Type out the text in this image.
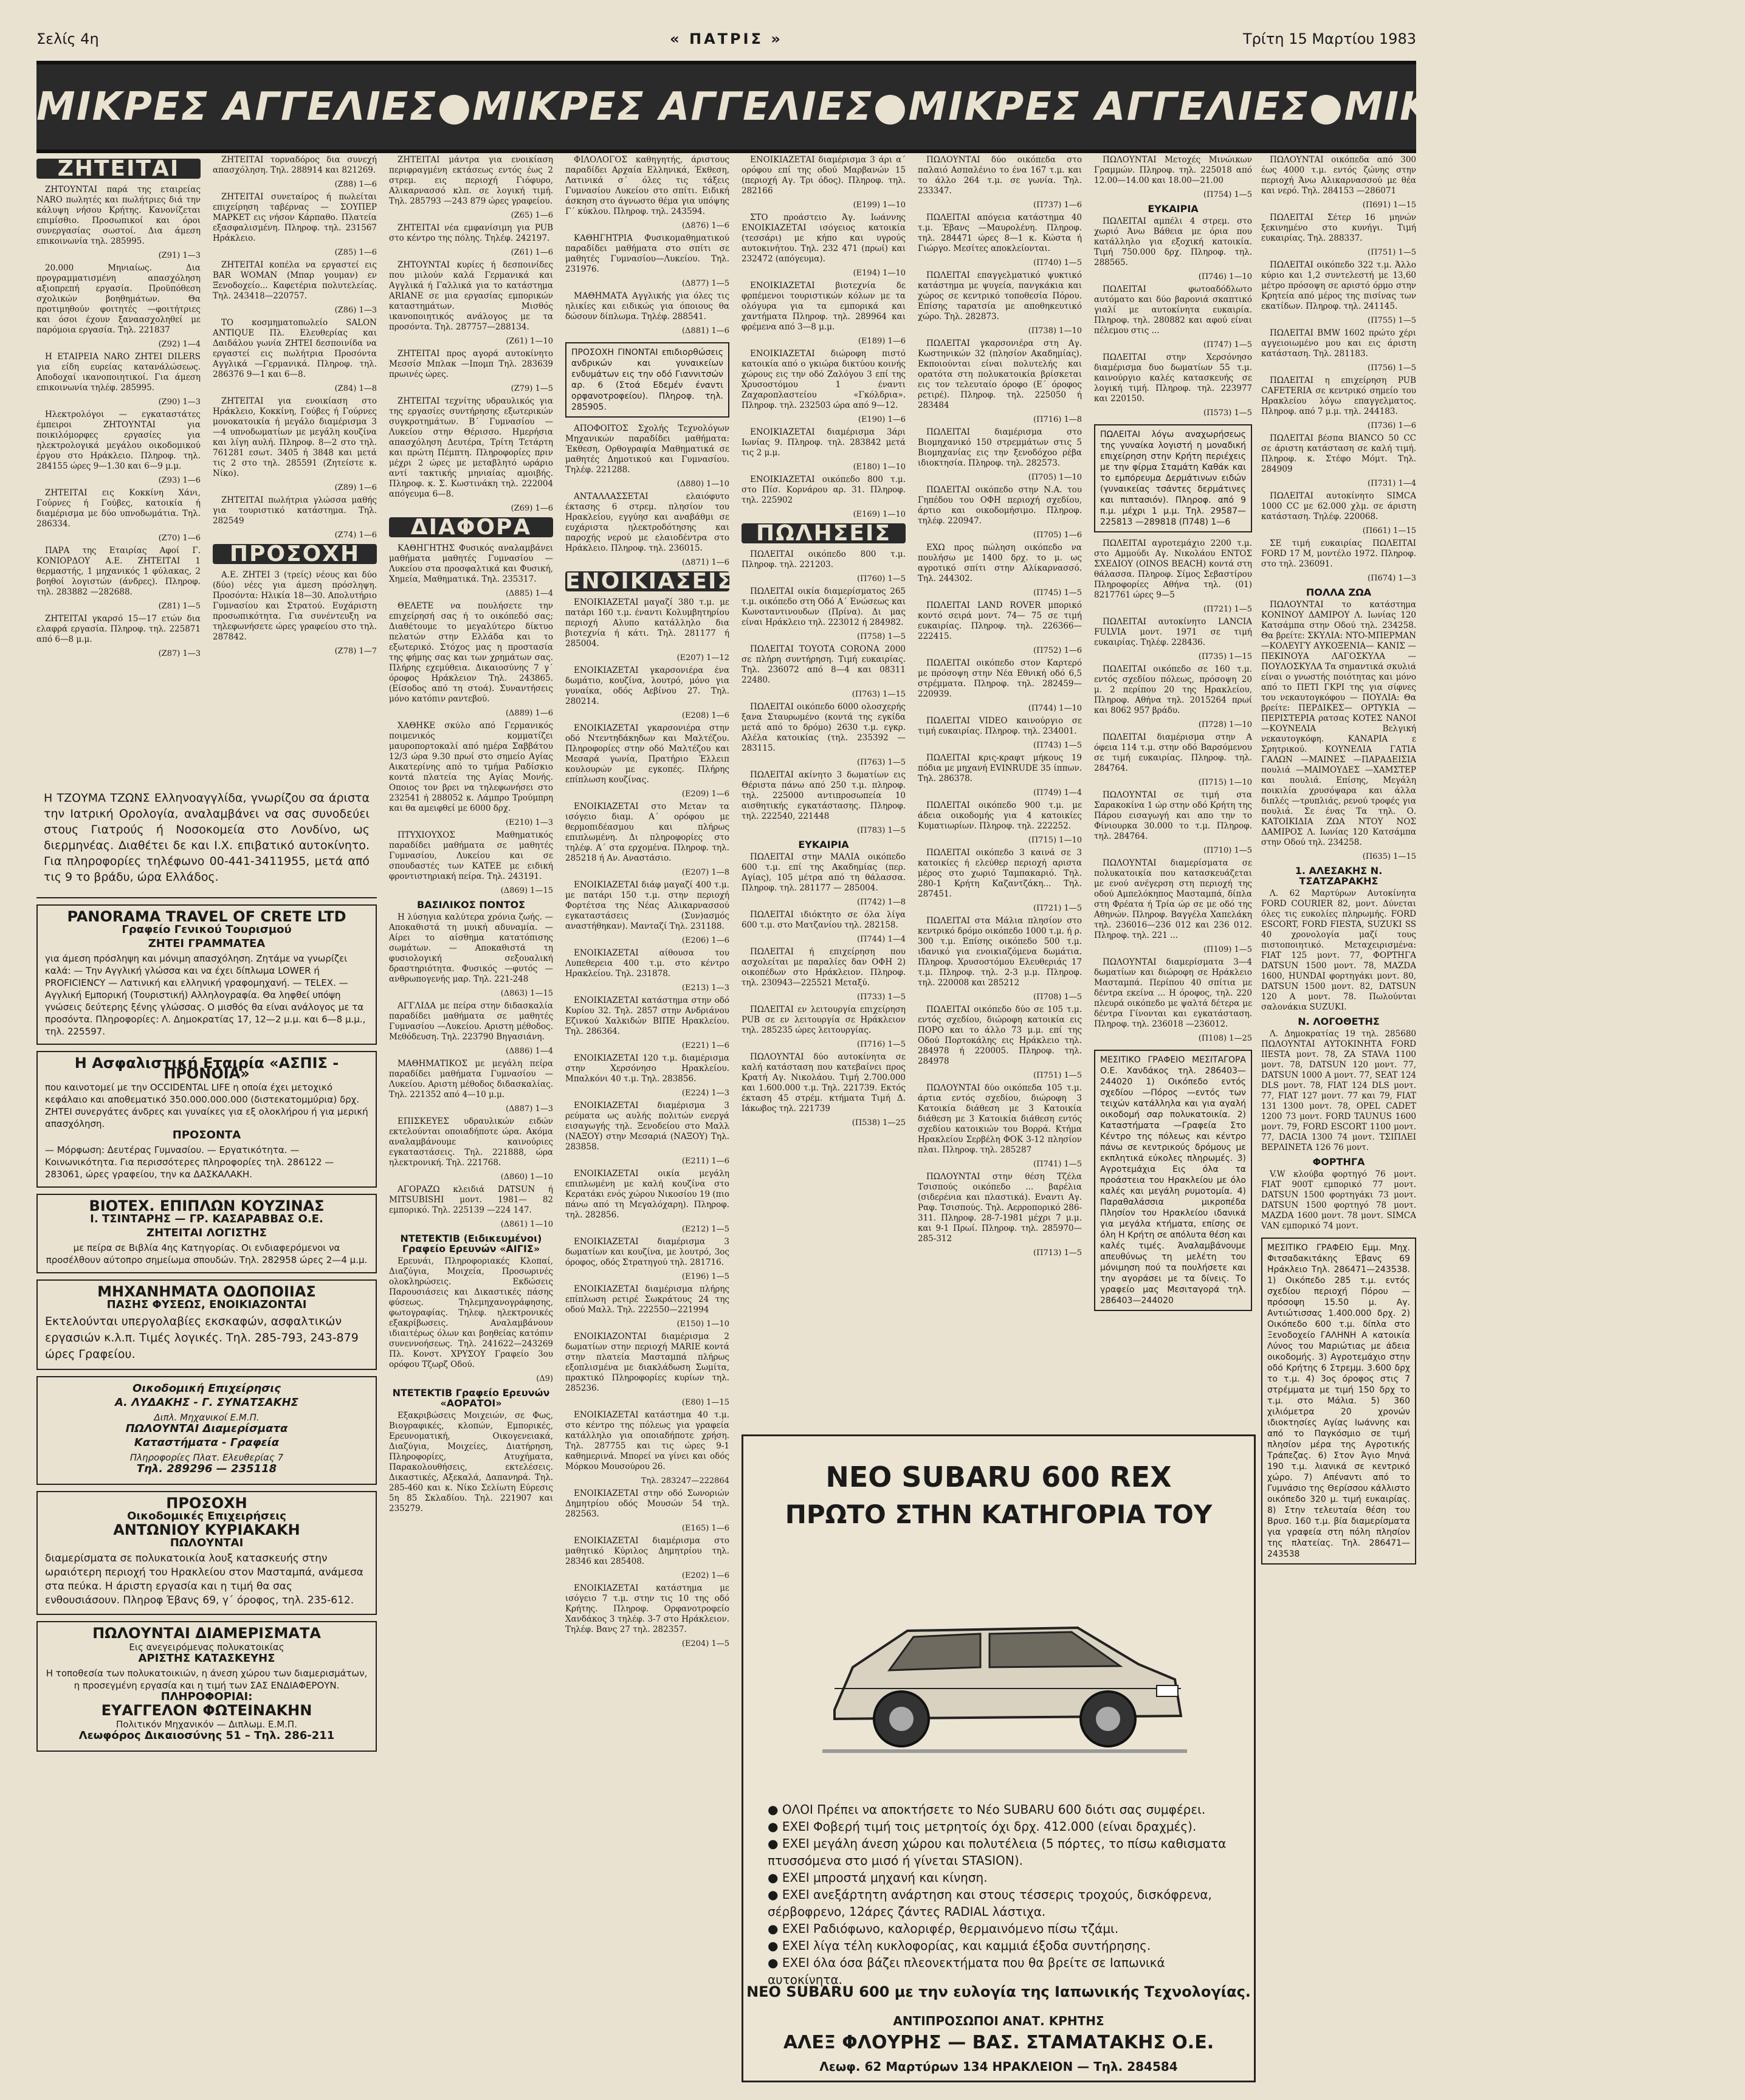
Σελίς 4η	« ΠΑΤΡΙΣ »	Τρίτη 15 Μαρτίου 1983
ΜΙΚΡΕΣ ΑΓΓΕΛΙΕΣ ● ΜΙΚΡΕΣ ΑΓΓΕΛΙΕΣ ● ΜΙΚΡΕΣ ΑΓΓΕΛΙΕΣ ● ΜΙΚΡΕΣ ΑΓΓΕΛΙΕΣ
ΖΗΤΕΙΤΑΙ

ΖΗΤΟΥΝΤΑΙ παρά της εταιρείας NARO πωλητές και πωλήτριες διά την κάλυψη νήσου Κρήτης. Κανονίζεται επιμίσθιο. Προσωπικοί και όροι συνεργασίας σωστοί. Δια άμεση επικοινωνία τηλ. 285995.

(Ζ91) 1—3

20.000 Μηνιαίως. Δια προγραμματισμένη απασχόληση αξιοπρεπή εργασία. Προϋπόθεση σχολικών βοηθημάτων. Θα προτιμηθούν φοιτητές —φοιτήτριες και όσοι έχουν ξαναασχοληθεί με παρόμοια εργασία. Τηλ. 221837

(Ζ92) 1—4

Η ΕΤΑΙΡΕΙΑ NARO ΖΗΤΕΙ DILERS για είδη ευρείας κατανάλώσεως. Αποδοχαί ικανοποιητικοί. Για άμεση επικοινωνία τηλέφ. 285995.

(Ζ90) 1—3

Ηλεκτρολόγοι — εγκαταστάτες έμπειροι ΖΗΤΟΥΝΤΑΙ για ποικιλόμορφες εργασίες για ηλεκτρολογικά μεγάλου οικοδομικού έργου στο Ηράκλειο. Πληροφ. τηλ. 284155 ώρες 9—1.30 και 6—9 μ.μ.

(Ζ93) 1—6

ΖΗΤΕΙΤΑΙ εις Κοκκίνη Χάνι, Γούρνες ή Γούβες, κατοικία ή διαμέρισμα με δύο υπνοδωμάτια. Τηλ. 286334.

(Ζ70) 1—6

ΠΑΡΑ της Εταιρίας Αφοί Γ. ΚΟΝΙΟΡΔΟΥ Α.Ε. ΖΗΤΕΙΤΑΙ 1 θερμαστής, 1 μηχανικός 1 φύλακας, 2 βοηθοί λογιστών (άνδρες). Πληροφ. τηλ. 283882 —282688.

(Ζ81) 1—5

ΖΗΤΕΙΤΑΙ γκαρσό 15—17 ετών δια ελαφρά εργασία. Πληροφ. τηλ. 225871 από 6—8 μ.μ.

(Ζ87) 1—3

ΖΗΤΕΙΤΑΙ τορναδόρος δια συνεχή απασχόληση. Τηλ. 288914 και 821269.

(Ζ88) 1—6

ΖΗΤΕΙΤΑΙ συνεταίρος ή πωλείται επιχείρηση ταβέρνας — ΣΟΥΠΕΡ ΜΑΡΚΕΤ εις νήσον Κάρπαθο. Πλατεία εξασφαλισμένη. Πληροφ. τηλ. 231567 Ηράκλειο.

(Ζ85) 1—6

ΖΗΤΕΙΤΑΙ κοπέλα να εργαστεί εις BAR WOMAN (Μπαρ γουμαν) εν Ξενοδοχείο... Καφετέρια πολυτελείας. Τηλ. 243418—220757.

(Ζ86) 1—3

ΤΟ κοσμηματοπωλείο SALON ANTIQUE Πλ. Ελευθερίας και Δαιδάλου γωνία ΖΗΤΕΙ δεσποινίδα να εργαστεί εις πωλήτρια Προσόντα Αγγλικά —Γερμανικά. Πληροφ. τηλ. 286376 9—1 και 6—8.

(Ζ84) 1—8

ΖΗΤΕΙΤΑΙ για ενοικίαση στο Ηράκλειο, Κοκκίνη, Γούβες ή Γούρνες μονοκατοικία ή μεγάλο διαμέρισμα 3—4 υπνοδωματίων με μεγάλη κουζίνα και λίγη αυλή. Πληροφ. 8—2 στο τηλ. 761281 εσωτ. 3405 ή 3848 και μετά τις 2 στο τηλ. 285591 (Ζητείστε κ. Νίκο).

(Ζ89) 1—6

ΖΗΤΕΙΤΑΙ πωλήτρια γλώσσα μαθής για τουριστικό κατάστημα. Τηλ. 282549

(Ζ74) 1—6

ΠΡΟΣΟΧΗ

Α.Ε. ΖΗΤΕΙ 3 (τρείς) νέους και δύο (δύο) νέες για άμεση πρόσληψη. Προσόντα: Ηλικία 18—30. Απολυτήριο Γυμνασίου και Στρατού. Ευχάριστη προσωπικότητα. Για συνέντευξη να τηλεφωνήσετε ώρες γραφείου στο τηλ. 287842.

(Ζ78) 1—7

Η ΤΖΟΥΜΑ ΤΖΩΝΣ Ελληνοαγγλίδα, γνωρίζου σα άριστα την Ιατρική Ορολογία, αναλαμβάνει να σας συνοδεύει στους Γιατρούς ή Νοσοκομεία στο Λονδίνο, ως διερμηνέας. Διαθέτει δε και Ι.Χ. επιβατικό αυτοκίνητο. Για πληροφορίες τηλέφωνο 00-441-3411955, μετά από τις 9 το βράδυ, ώρα Ελλάδος.
PANORAMA TRAVEL OF CRETE LTD
Γραφείο Γενικού Τουρισμού
ΖΗΤΕΙ ΓΡΑΜΜΑΤΕΑ
για άμεση πρόσληψη και μόνιμη απασχόληση. Ζητάμε να γνωρίζει καλά: — Την Αγγλική γλώσσα και να έχει δίπλωμα LOWER ή PROFICIENCY — Λατινική και ελληνική γραφομηχανή. — TELEX. — Αγγλική Εμπορική (Τουριστική) Αλληλογραφία. Θα ληφθεί υπόψη γνώσεις δεύτερης ξένης γλώσσας. Ο μισθός θα είναι ανάλογος με τα προσόντα. Πληροφορίες: Λ. Δημοκρατίας 17, 12—2 μ.μ. και 6—8 μ.μ., τηλ. 225597.
Η Ασφαλιστική Εταιρία «ΑΣΠΙΣ - ΠΡΟΝΟΙΑ»
που καινοτομεί με την OCCIDENTAL LIFE η οποία έχει μετοχικό κεφάλαιο και αποθεματικό 350.000.000.000 (διστεκατομμύρια) δρχ. ΖΗΤΕΙ συνεργάτες άνδρες και γυναίκες για εξ ολοκλήρου ή για μερική απασχόληση.
ΠΡΟΣΟΝΤΑ
— Μόρφωση: Δευτέρας Γυμνασίου. — Εργατικότητα. — Κοινωνικότητα. Για περισσότερες πληροφορίες τηλ. 286122 — 283061, ώρες γραφείου, την κα ΔΑΣΚΑΛΑΚΗ.
ΒΙΟΤΕΧ. ΕΠΙΠΛΩΝ ΚΟΥΖΙΝΑΣ
Ι. ΤΣΙΝΤΑΡΗΣ — ΓΡ. ΚΑΣΑΡΑΒΒΑΣ Ο.Ε.
ΖΗΤΕΙΤΑΙ ΛΟΓΙΣΤΗΣ
με πείρα σε Βιβλία 4ης Κατηγορίας. Οι ενδιαφερόμενοι να προσέλθουν αύτοπρο σημείωμα σπουδών. Τηλ. 282958 ώρες 2—4 μ.μ.
ΜΗΧΑΝΗΜΑΤΑ ΟΔΟΠΟΙΙΑΣ
ΠΑΣΗΣ ΦΥΣΕΩΣ, ΕΝΟΙΚΙΑΖΟΝΤΑΙ
Εκτελούνται υπεργολαβίες εκσκαφών, ασφαλτικών εργασιών κ.λ.π. Τιμές λογικές. Τηλ. 285-793, 243-879 ώρες Γραφείου.
Οικοδομική Επιχείρησις
Α. ΛΥΔΑΚΗΣ - Γ. ΣΥΝΑΤΣΑΚΗΣ
Διπλ. Μηχανικοί Ε.Μ.Π.
ΠΩΛΟΥΝΤΑΙ Διαμερίσματα
Καταστήματα - Γραφεία
Πληροφορίες Πλατ. Ελευθερίας 7
Τηλ. 289296 — 235118
ΠΡΟΣΟΧΗ
Οικοδομικές Επιχειρήσεις
ΑΝΤΩΝΙΟΥ ΚΥΡΙΑΚΑΚΗ
ΠΩΛΟΥΝΤΑΙ
διαμερίσματα σε πολυκατοικία λουξ κατασκευής στην ωραιότερη περιοχή του Ηρακλείου στον Μασταμπά, ανάμεσα στα πεύκα. Η άριστη εργασία και η τιμή θα σας ενθουσιάσουν. Πληροφ Έβανς 69, γ΄ όροφος, τηλ. 235-612.
ΠΩΛΟΥΝΤΑΙ ΔΙΑΜΕΡΙΣΜΑΤΑ
Εις ανεγειρόμενας πολυκατοικίας
ΑΡΙΣΤΗΣ ΚΑΤΑΣΚΕΥΗΣ
Η τοποθεσία των πολυκατοικιών, η άνεση χώρου των διαμερισμάτων, η προσεγμένη εργασία και η τιμή των ΣΑΣ ΕΝΔΙΑΦΕΡΟΥΝ.
ΠΛΗΡΟΦΟΡΙΑΙ:
ΕΥΑΓΓΕΛΟΝ ΦΩΤΕΙΝΑΚΗΝ
Πολιτικόν Μηχανικόν — Διπλωμ. Ε.Μ.Π.
Λεωφόρος Δικαιοσύνης 51 – Τηλ. 286-211

ΖΗΤΕΙΤΑΙ μάντρα για ενοικίαση περιφραγμένη εκτάσεως εντός έως 2 στρεμ. εις περιοχή Γιόφυρο, Αλικαρνασσό κλπ. σε λογική τιμή. Τηλ. 285793 —243 879 ώρες γραφείου.

(Ζ65) 1—6

ΖΗΤΕΙΤΑΙ νέα εμφανίσιμη για PUB στο κέντρο της πόλης. Τηλέφ. 242197.

(Ζ61) 1—6

ΖΗΤΟΥΝΤΑΙ κυρίες ή δεσποινίδες που μιλούν καλά Γερμανικά και Αγγλικά ή Γαλλικά για το κατάστημα ARIANE σε μια εργασίας εμπορικών καταστημάτων. Μισθός ικανοποιητικός ανάλογος με τα προσόντα. Τηλ. 287757—288134.

(Ζ61) 1—10

ΖΗΤΕΙΤΑΙ προς αγορά αυτοκίνητο Μεσσίσ Μπλακ —Ιπομπ Τηλ. 283639 πρωινές ώρες.

(Ζ79) 1—5

ΖΗΤΕΙΤΑΙ τεχνίτης υδραυλικός για της εργασίες συντήρησης εξωτερικών συγκροτημάτων. Β΄ Γυμνασίου —Λυκείου στην Θέρισσο. Ημερήσια απασχόληση Δευτέρα, Τρίτη Τετάρτη και πρώτη Πέμπτη. Πληροφορίες πριν μέχρι 2 ώρες με μεταβλητό ωράριο αντί τακτικής μηνιαίας αμοιβής. Πληροφ. κ. Σ. Κωστινάκη τηλ. 222004 απόγευμα 6—8.

(Ζ69) 1—6

ΔΙΑΦΟΡΑ

ΚΑΘΗΓΗΤΗΣ Φυσικός αναλαμβάνει μαθήματα μαθητές Γυμνασίου —Λυκείου στα προσφαλτικά και Φυσική, Χημεία, Μαθηματικά. Τηλ. 235317.

(Δ885) 1—4

ΘΕΛΕΤΕ να πουλήσετε την επιχείρησή σας ή το οικόπεδό σας; Διαθέτουμε το μεγαλύτερο δίκτυο πελατών στην Ελλάδα και το εξωτερικό. Στόχος μας η προστασία της φήμης σας και των χρημάτων σας. Πλήρης εχεμύθεια. Δικαιοσύνης 7 γ΄ όροφος Ηράκλειον Τηλ. 243865. (Είσοδος από τη στοά). Συναντήσεις μόνο κατόπιν ραντεβού.

(Δ889) 1—6

ΧΑΘΗΚΕ σκύλο από Γερμανικός ποιμενικός κομματίζει μαυροπορτοκαλί από ημέρα Σαββάτου 12/3 ώρα 9.30 πρωί στο σημείο Αγίας Αικατερίνης από το τμήμα Ραδίσκιο κοντά πλατεία της Αγίας Μονής. Οποιος τον βρει να τηλεφωνήσει στο 232541 ή 288052 κ. Λάμπρο Τρούμπρη και θα αμειφθεί με 6000 δρχ.

(Ε210) 1—3

ΠΤΥΧΙΟΥΧΟΣ Μαθηματικός παραδίδει μαθήματα σε μαθητές Γυμνασίου, Λυκείου και σε σπουδαστές των ΚΑΤΕΕ με ειδική φροντιστηριακή πείρα. Τηλ. 243191.

(Δ869) 1—15

ΒΑΣΙΛΙΚΟΣ ΠΟΝΤΟΣ

Η λύσηγια καλύτερα χρόνια ζωής. — Αποκαθιστά τη μυική αδυναμία. — Αίρει το αίσθημα κατατόπισης σωμάτων. — Αποκαθιστά τη φυσιολογική σεξουαλική δραστηριότητα. Φυσικός —φυτός —ανθρωπογενής μαρ. Τηλ. 221-248

(Δ863) 1—15

ΑΓΓΛΙΔΑ με πείρα στην διδασκαλία παραδίδει μαθήματα σε μαθητές Γυμνασίου —Λυκείου. Αριστη μέθοδος. Μεθόδευση. Τηλ. 223790 Βηγασιάνη.

(Δ886) 1—4

ΜΑΘΗΜΑΤΙΚΟΣ με μεγάλη πείρα παραδίδει μαθήματα Γυμνασίου —Λυκείου. Αριστη μέθοδος διδασκαλίας. Τηλ. 221352 από 4—10 μ.μ.

(Δ887) 1—3

ΕΠΙΣΚΕΥΕΣ υδραυλικών ειδών εκτελούνται οποιαδήποτε ώρα. Ακόμα αναλαμβάνουμε καινούριες εγκαταστάσεις. Τηλ. 221888, ώρα ηλεκτρονική. Τηλ. 221768.

(Δ860) 1—10

ΑΓΟΡΑΖΩ κλειδιά DATSUN ή MITSUBISHI μοντ. 1981— 82 εμπορικό. Τηλ. 225139 —224 147.

(Δ861) 1—10

ΝΤΕΤΕΚΤΙΒ (Ειδικευμένοι) Γραφείο Ερευνών «ΑΙΓΙΣ»

Ερευνάι, Πληροφοριακές Κλοπαί, Διαζύγια, Μοιχεία, Προσωρινές ολοκληρώσεις. Εκδώσεις Παρουσιάσεις και Δικαστικές πάσης φύσεως. Τηλεμηχανογράφησης, φωτογραφίας. Τηλεφ. ηλεκτρονικές εξακρίβωσεις. Αναλαμβάνουν ιδιαιτέρως όλων και βοηθείας κατόπιν συνεννοήσεως. Τηλ. 241622—243269 Πλ. Κονστ. ΧΡΥΣΟΥ Γραφείο 3ου ορόφου Τζωρζ Οδού.

(Δ9)

ΝΤΕΤΕΚΤΙΒ Γραφείο Ερευνών «ΑΟΡΑΤΟΙ»

Εξακριβώσεις Μοιχειών, σε Φως, Βιογραφικές, κλοπών, Εμπορικές, Ερευνοματική, Οικογενειακά, Διαζύγια, Μοιχείες, Διατήρηση, Πληροφορίες, Ατυχήματα, Παρακολουθήσεις, εκτελέσεις. Δικαστικές, Αξεκαλά, Δαπανηρά. Τηλ. 285-460 και κ. Νίκο Σελίωτη Εύρεσις 5η 85 Σκλαδίου. Τηλ. 221907 και 235279.

ΦΙΛΟΛΟΓΟΣ καθηγητής, άριστους παραδίδει Αρχαία Ελληνικά, Έκθεση, Λατινικά σ΄ όλες τις τάξεις Γυμνασίου Λυκείου στο σπίτι. Ειδική άσκηση στο άγνωστο θέμα για υπόψης Γ΄ κύκλου. Πληροφ. τηλ. 243594.

(Δ876) 1—6

ΚΑΘΗΓΗΤΡΙΑ Φυσικομαθηματικού παραδίδει μαθήματα στο σπίτι σε μαθητές Γυμνασίου—Λυκείου. Τηλ. 231976.

(Δ877) 1—5

ΜΑΘΗΜΑΤΑ Αγγλικής για όλες τις ηλικίες και ειδικώς για όποιους θα δώσουν δίπλωμα. Τηλέφ. 288541.

(Δ881) 1—6

ΠΡΟΣΟΧΗ ΓΙΝΟΝΤΑΙ επιδιορθώσεις ανδρικών και γυναικείων ενδυμάτων εις την οδό Γιαννιτσών αρ. 6 (Στοά Εδεμέν έναντι ορφανοτροφείου). Πληροφ. τηλ. 285905.

ΑΠΟΦΟΙΤΟΣ Σχολής Τεχνολόγων Μηχανικών παραδίδει μαθήματα: Έκθεση, Ορθογραφία Μαθηματικά σε μαθητές Δημοτικού και Γυμνασίου. Τηλέφ. 221288.

(Δ880) 1—10

ΑΝΤΑΛΛΑΣΣΕΤΑΙ ελαιόφυτο έκτασης 6 στρεμ. πλησίον του Ηρακλείου, εγγύησ και αναβάθμι σε ευχάριστα ηλεκτροδότησης και παροχής νερού με ελαιοδέντρα στο Ηράκλειο. Πληροφ. τηλ. 236015.

(Δ871) 1—6

ΕΝΟΙΚΙΑΣΕΙΣ

ΕΝΟΙΚΙΑΖΕΤΑΙ μαγαζί 380 τ.μ. με πατάρι 160 τ.μ. έναντι Κολυμβητηρίου περιοχή Αλυπο κατάλληλο δια βιοτεχνία ή κάτι. Τηλ. 281177 ή 285004.

(Ε207) 1—12

ΕΝΟΙΚΙΑΖΕΤΑΙ γκαρσονιέρα ένα δωμάτιο, κουζίνα, λουτρό, μόνο για γυναίκα, οδός Αεβίνου 27. Τηλ. 280214.

(Ε208) 1—6

ΕΝΟΙΚΙΑΖΕΤΑΙ γκαρσονιέρα στην οδό Ντεντηδάκηδων και Μαλτέζου. Πληροφορίες στην οδό Μαλτέζου και Μεσαρά γωνία, Πρατήριο Έλλειπ κουλουρών με εγκοπές. Πλήρης επίπλωση κουζίνας.

(Ε209) 1—6

ΕΝΟΙΚΙΑΖΕΤΑΙ στο Μεταν τα ισόγειο διαμ. Α΄ ορόφου με θερμοπιδέασμου και πλήρως επιπλωμένη. Δι πληροφορίες στο τηλέφ. Α΄ στα ερχομένα. Πληροφ. τηλ. 285218 ή Αν. Αναστάσιο.

(Ε207) 1—8

ΕΝΟΙΚΙΑΖΕΤΑΙ διάφ μαγαζί 400 τ.μ. με πατάρι 150 τ.μ. στην περιοχή Φορτέτσα της Νέας Αλικαρνασσού εγκαταστάσεις (Συν)ασμός αναστήθηκαν). Μανταζί Τηλ. 231188.

(Ε206) 1—6

ΕΝΟΙΚΙΑΖΕΤΑΙ αίθουσα του Λυπεθερεια 400 τ.μ. στο κέντρο Ηρακλείου. Τηλ. 231878.

(Ε213) 1—3

ΕΝΟΙΚΙΑΖΕΤΑΙ κατάστημα στην οδό Κυρίου 32. Τηλ. 2857 στην Ανδριάνου Εζινκού Χαλκιδών ΒΙΠΕ Ηρακλείου. Τηλ. 286364.

(Ε221) 1—6

ΕΝΟΙΚΙΑΖΕΤΑΙ 120 τ.μ. διαμέρισμα στην Χερσόνησο Ηρακλείου. Μπαλκόνι 40 τ.μ. Τηλ. 283856.

(Ε224) 1—3

ΕΝΟΙΚΙΑΖΕΤΑΙ διαμέρισμα 3 ρεύματα ως αυλής πολιτών ενεργά εισαγωγής τηλ. Ξενοδείου στο Μαλλ (ΝΑΞΟΥ) στην Μεσαριά (ΝΑΞΟΥ) Τηλ. 283858.

(Ε211) 1—6

ΕΝΟΙΚΙΑΖΕΤΑΙ οικία μεγάλη επιπλωμένη με καλή κουζίνα στο Κερατάκι ενός χώρου Νικοσίου 19 (πιο πάνω από τη Μεγαλόχαρη). Πληροφ. τηλ. 282856.

(Ε212) 1—5

ΕΝΟΙΚΙΑΖΕΤΑΙ διαμέρισμα 3 δωματίων και κουζίνα, με λουτρό, 3ος όροφος, οδός Στρατηγού τηλ. 281716.

(Ε196) 1—5

ΕΝΟΙΚΙΑΖΕΤΑΙ διαμέρισμα πλήρης επίπλωση ρετιρέ Σωκράτους 24 της οδού Μαλλ. Τηλ. 222550—221994

(Ε150) 1—10

ΕΝΟΙΚΙΑΖΟΝΤΑΙ διαμέρισμα 2 δωματίων στην περιοχή MARIE κοντά στην πλατεία Μασταμπά πλήρως εξοπλισμένα με διακλάδωση Σωμίτα, πρακτικό Πληροφορίες κυρίων τηλ. 285236.

(Ε80) 1—15

ΕΝΟΙΚΙΑΖΕΤΑΙ κατάστημα 40 τ.μ. στο κέντρο της πόλεως για γραφεία κατάλληλο για οποιαδήποτε χρήση. Τηλ. 287755 και τις ώρες 9-1 καθημερινά. Μπορεί να γίνει και οδός Μόρκου Μουσούρου 26.

Τηλ. 283247—222864

ΕΝΟΙΚΙΑΖΕΤΑΙ στην οδό Σωνοριών Δημητρίου οδός Μουσών 54 τηλ. 282563.

(Ε165) 1—6

ΕΝΟΙΚΙΑΖΕΤΑΙ διαμέρισμα στο μαθητικό Κύριλος Δημητρίου τηλ. 28346 και 285408.

(Ε202) 1—6

ΕΝΟΙΚΙΑΖΕΤΑΙ κατάστημα με ισόγειο 7 τ.μ. στην τις 10 της οδό Κρήτης. Πληροφ. Ορφανοτροφείο Χανδάκος 3 τηλέφ. 3-7 στο Ηράκλειον. Τηλέφ. Βανς 27 τηλ. 282357.

(Ε204) 1—5

ΕΝΟΙΚΙΑΖΕΤΑΙ διαμέρισμα 3 άρι α΄ ορόφου επί της οδού Μαρβανών 15 (περιοχή Αγ. Τρι όδος). Πληροφ. τηλ. 282166

(Ε199) 1—10

ΣΤΟ προάστειο Άγ. Ιωάννης ΕΝΟΙΚΙΑΖΕΤΑΙ ισόγειος κατοικία (τεσσάρι) με κήπο και υγρούς αυτοκινήτου. Τηλ. 232 471 (πρωί) και 232472 (απόγευμα).

(Ε194) 1—10

ΕΝΟΙΚΙΑΖΕΤΑΙ βιοτεχνία δε φρπέμενοι τουριστικών κόλων με τα ολόγυρα για τα εμπορικά και χαντήματα Πληροφ. τηλ. 289964 και φρέμενα από 3—8 μ.μ.

(Ε189) 1—6

ΕΝΟΙΚΙΑΖΕΤΑΙ διώροφη πιστό κατοικία από ο γκιώρα δικτύου κοινής χώρους εις την οδό Ζαλόγου 3 επί της Χρυσοστόμου 1 έναντι Ζαχαροπλαστείου «Γκόλδρια». Πληροφ. τηλ. 232503 ώρα από 9—12.

(Ε190) 1—6

ΕΝΟΙΚΙΑΖΕΤΑΙ διαμέρισμα 3άρι Ιωνίας 9. Πληροφ. τηλ. 283842 μετά τις 2 μ.μ.

(Ε180) 1—10

ΕΝΟΙΚΙΑΖΕΤΑΙ οικόπεδο 800 τ.μ. στο Πίσ. Κορνάρου αρ. 31. Πληροφ. τηλ. 225902

(Ε169) 1—10

ΠΩΛΗΣΕΙΣ

ΠΩΛΕΙΤΑΙ οικόπεδο 800 τ.μ. Πληροφ. τηλ. 221203.

(Π760) 1—5

ΠΩΛΕΙΤΑΙ οικία διαμερίσματος 265 τ.μ. οικόπεδο στη Οδό Α΄ Ενώσεως και Κωνσταντινουδων (Πρίνα). Δι μας είναι Ηράκλειο τηλ. 223012 ή 284982.

(Π758) 1—5

ΠΩΛΕΙΤΑΙ ΤΟΥΟΤΑ CORONA 2000 σε πλήρη συντήρηση. Τιμή ευκαιρίας. Τηλ. 236072 από 8—4 και 08311 22480.

(Π763) 1—15

ΠΩΛΕΙΤΑΙ οικόπεδο 6000 ολοσχερής ξανα Σταυρωμένο (κοντά της εγκίδα μετά από το δρόμο) 2630 τ.μ. εγκρ. Αλέλα κατοικίας (τηλ. 235392 —283115.

(Π763) 1—5

ΠΩΛΕΙΤΑΙ ακίνητο 3 δωματίων εις Θέριστα πάνω από 250 τ.μ. πληροφ. τηλ. 225000 αντιπροσωπεία 10 αισθητικής εγκατάστασης. Πληροφ. τηλ. 222540, 221448

(Π783) 1—5

ΕΥΚΑΙΡΙΑ

ΠΩΛΕΙΤΑΙ στην ΜΑΛΙΑ οικόπεδο 600 τ.μ. επί της Ακαδημίας (περ. Αγίας), 105 μέτρα από τη θάλασσα. Πληροφ. τηλ. 281177 — 285004.

(Π742) 1—8

ΠΩΛΕΙΤΑΙ ιδιόκτητο σε όλα λίγα 600 τ.μ. στο Ματζανίου τηλ. 282158.

(Π744) 1—4

ΠΩΛΕΙΤΑΙ ή επιχείρηση που ασχολείται με παραλίες δαν ΟΦΗ 2) οικοπέδων στο Ηράκλειον. Πληροφ. τηλ. 230943—225521 Μεταξύ.

(Π733) 1—5

ΠΩΛΕΙΤΑΙ εν λειτουργία επιχείρηση PUB σε εν λειτουργία σε Ηράκλειον τηλ. 285235 ώρες λειτουργίας.

(Π716) 1—5

ΠΩΛΟΥΝΤΑΙ δύο αυτοκίνητα σε καλή κατάσταση που κατεβαίνει προς Κρατή Αγ. Νικολάου. Τιμή 2.700.000 και 1.600.000 τ.μ. Τηλ. 221739. Εκτός έκταση 45 στρέμ. κτήματα Τιμή Δ. Ιάκωβος τηλ. 221739

(Π538) 1—25

ΠΩΛΟΥΝΤΑΙ δύο οικόπεδα στο παλαιό Ασπαλένιο το ένα 167 τ.μ. και το άλλο 264 τ.μ. σε γωνία. Τηλ. 233347.

(Π737) 1—6

ΠΩΛΕΙΤΑΙ απόγεια κατάστημα 40 τ.μ. Έβανς —Μαυρολένη. Πληροφ. τηλ. 284471 ώρες 8—1 κ. Κώστα ή Γιώργο. Μεσίτες αποκλείονται.

(Π740) 1—5

ΠΩΛΕΙΤΑΙ επαγγελματικό ψυκτικό κατάστημα με ψυγεία, πανγκάκια και χώρος σε κεντρικό τοποθεσία Πόρου. Επίσης ταρατσία με αποθηκευτικό χώρο. Τηλ. 282873.

(Π738) 1—10

ΠΩΛΕΙΤΑΙ γκαρσονιέρα στη Αγ. Κωστηνικών 32 (πλησίον Ακαδημίας). Εκποιούνται είναι πολυτελής και ορατότα στη πολυκατοικία βρίσκεται εις τον τελευταίο όροφο (Ε΄ όροφος ρετιρέ). Πληροφ. τηλ. 225050 ή 283484

(Π716) 1—8

ΠΩΛΕΙΤΑΙ διαμέρισμα στο Βιομηχανικό 150 στρεμμάτων στις 5 Βιομηχανίας εις την ξενοδόχοο ρέβα ιδιοκτησία. Πληροφ. τηλ. 282573.

(Π705) 1—10

ΠΩΛΕΙΤΑΙ οικόπεδο στην Ν.Α. του Γηπέδου του ΟΦΗ περιοχή σχεδίου, άρτιο και οικοδομήσιμο. Πληροφ. τηλέφ. 220947.

(Π705) 1—6

ΕΧΩ προς πώληση οικόπεδο να πουλήσω με 1400 δρχ. το μ. ως αγροτικό σπίτι στην Αλίκαρνασσό. Τηλ. 244302.

(Π745) 1—5

ΠΩΛΕΙΤΑΙ LAND ROVER μπορικό κοντό σειρά μοντ. 74— 75 σε τιμή ευκαιρίας. Πληροφ. τηλ. 226366—222415.

(Π752) 1—6

ΠΩΛΕΙΤΑΙ οικόπεδο στον Καρτερό με πρόσοψη στην Νέα Εθνική οδό 6,5 στρέμματα. Πληροφ. τηλ. 282459—220939.

(Π744) 1—10

ΠΩΛΕΙΤΑΙ VIDEO καινούργιο σε τιμή ευκαιρίας. Πληροφ. τηλ. 234001.

(Π743) 1—5

ΠΩΛΕΙΤΑΙ κρις-κραφτ μήκους 19 πόδια με μηχανή EVINRUDE 35 ίππων. Τηλ. 286378.

(Π749) 1—4

ΠΩΛΕΙΤΑΙ οικόπεδο 900 τ.μ. με άδεια οικοδομής για 4 κατοικίες Κυματιωρίων. Πληροφ. τηλ. 222252.

(Π715) 1—10

ΠΩΛΕΙΤΑΙ οικόπεδο 3 καινά σε 3 κατοικίες ή ελεύθερ περιοχή αριστα μέρος στο χωριό Ταμπακαριό. Τηλ. 280-1 Κρήτη Καζαντζάκη... Τηλ. 287451.

(Π721) 1—5

ΠΩΛΕΙΤΑΙ στα Μάλια πλησίον στο κεντρικό δρόμο οικόπεδο 1000 τ.μ. ή ρ. 300 τ.μ. Επίσης οικόπεδο 500 τ.μ. ιδανικό για ενοικιαζόμενα δωμάτια. Πληροφ. Χρυσοστόμου Ελευθεριάς 17 τ.μ. Πληροφ. τηλ. 2-3 μ.μ. Πληροφ. τηλ. 220008 και 285212

(Π708) 1—5

ΠΩΛΕΙΤΑΙ οικόπεδο δύο σε 105 τ.μ. εντός σχεδίου, διώροφη κατοικία εις ΠΟΡΟ και το άλλο 73 μ.μ. επί της Οδού Πορτοκάλης εις Ηράκλειο τηλ. 284978 ή 220005. Πληροφ. τηλ. 284978

(Π751) 1—5

ΠΩΛΟΥΝΤΑΙ δύο οικόπεδα 105 τ.μ. άρτια εντός σχεδίου, διώροφη 3 Κατοικία διάθεση με 3 Κατοικία διάθεση με 3 Κατοικία διάθεση εντός σχεδίου κατοικιών του Βορρά. Κτήμα Ηρακλείου Σερβέλη ΦΟΚ 3-12 πλησίον πλαι. Πληροφ. τηλ. 285287

(Π741) 1—5

ΠΩΛΟΥΝΤΑΙ στην θέση Τζέλα Τσισπούς οικόπεδο ... βαρέλια (σιδερένια και πλαστικά). Εναντι Αγ. Ραφ. Τσισπούς. Τηλ. Αερροπορικό 286-311. Πληροφ. 28-7-1981 μέχρι 7 μ.μ. και 9-1 Πρωί. Πληροφ. τηλ. 285970—285-312

(Π713) 1—5

ΠΩΛΟΥΝΤΑΙ Μετοχές Μινώικων Γραμμών. Πληροφ. τηλ. 225018 από 12.00—14.00 και 18.00—21.00

(Π754) 1—5

ΕΥΚΑΙΡΙΑ

ΠΩΛΕΙΤΑΙ αμπέλι 4 στρεμ. στο χωριό Άνω Βάθεια με όρια που κατάλληλο για εξοχική κατοικία. Τιμή 750.000 δρχ. Πληροφ. τηλ. 288565.

(Π746) 1—10

ΠΩΛΕΙΤΑΙ φωτοαδόδλωτο αυτόματο και δύο βαρονιά σκαπτικό γιαλί με αυτοκίνητα ευκαιρία. Πληροφ. τηλ. 280882 και αφού είναι πέλεμου στις ...

(Π747) 1—5

ΠΩΛΕΙΤΑΙ στην Χερσόνησο διαμέρισμα δυο δωματίων 55 τ.μ. καινούργιο καλές κατασκευής σε λογική τιμή. Πληροφ. τηλ. 223977 και 220150.

(Π573) 1—5

ΠΩΛΕΙΤΑΙ λόγω αναχωρήσεως της γυναίκα λογιστή η μοναδική επιχείρηση στην Κρήτη περιέχεις με την φίρμα Σταμάτη Καθάκ και το εμπόρευμα Δερμάτινων ειδών (γυναικείας τσάντες δερμάτινες και πιπτασιόν). Πληροφ. από 9 π.μ. μέχρι 1 μ.μ. Τηλ. 29587—225813 —289818 (Π748) 1—6

ΠΩΛΕΙΤΑΙ αγροτεμάχιο 2200 τ.μ. στο Αμμούδι Αγ. Νικολάου ΕΝΤΟΣ ΣΧΕΔΙΟΥ (OΙΝΟS BEACH) κοντά στη θάλασσα. Πληροφ. Σίμος Σεβαστίρου Πληροφορίες Αθήνα τηλ. (01) 8217761 ώρες 9—5

(Π721) 1—5

ΠΩΛΕΙΤΑΙ αυτοκίνητο LANCIA FULVIA μοντ. 1971 σε τιμή ευκαιρίας. Τηλέφ. 228436.

(Π735) 1—15

ΠΩΛΕΙΤΑΙ οικόπεδο σε 160 τ.μ. εντός σχεδίου πόλεως, πρόσοψη 20 μ. 2 περίπου 20 της Ηρακλείου, Πληροφ. Αθήνα τηλ. 2015264 πρωί και 8062 957 βράδυ.

(Π728) 1—10

ΠΩΛΕΙΤΑΙ διαμέρισμα στην Α όφεια 114 τ.μ. στην οδό Βαρσόμενου σε τιμή ευκαιρίας. Πληροφ. τηλ. 284764.

(Π715) 1—10

ΠΩΛΟΥΝΤΑΙ σε τιμή στα Σαρακοκίνα 1 ώρ στην οδό Κρήτη της Πάρου εισαγωγή και απο την το Φίνιουρκα 30.000 το τ.μ. Πληροφ. τηλ. 284764.

(Π710) 1—5

ΠΩΛΟΥΝΤΑΙ διαμερίσματα σε πολυκατοικία που κατασκευάζεται με ενού ανέγερση στη περιοχή της οδού Αμπελόκηπος Μασταμπά, δίπλα στη Φρέατα ή Τρία ώρ σε με οδό της Αθηνών. Πληροφ. Βαγγέλα Χαπελάκη τηλ. 236016—236 012 και 236 012. Πληροφ. τηλ. 221 ...

(Π109) 1—5

ΠΩΛΟΥΝΤΑΙ διαμερίσματα 3—4 δωματίων και διώροφη σε Ηράκλειο Μασταμπά. Περίπου 40 σπίτια με δέντρα εκείνα ... Η όροφος, τηλ. 220 πλευρά οικόπεδο με ψαλτά δέτερα με δέντρα Γίνονται και εγκατάσταση. Πληροφ. τηλ. 236018 —236012.

(Π108) 1—25

ΜΕΣΙΤΙΚΟ ΓΡΑΦΕΙΟ ΜΕΣΙΤΑΓΟΡΑ Ο.Ε. Χανδάκος τηλ. 286403—244020 1) Οικόπεδο εντός σχεδίου —Πόρος —εντός των τειχών κατάλληλα και για αγαλή οικοδομή σαρ πολυκατοικία. 2) Καταστήματα —Γραφεία Στο Κέντρο της πόλεως και κέντρο πάνω σε κεντρικούς δρόμους με εκπλητικά εύκολες πληρωμές. 3) Αγροτεμάχια Εις όλα τα προάστεια του Ηρακλείου με όλο καλές και μεγάλη ρυμοτομία. 4) Παραθαλάσσια μικροπέδα Πλησίον του Ηρακλείου ιδανικά για μεγάλα κτήματα, επίσης σε όλη Η Κρήτη σε απόλυτα θέση και καλές τιμές. Άναλαμβάνουμε απευθύνως τη μελέτη του μόνιμηση πού τα πουλήσετε και την αγοράσει με τα δίνεις. Το γραφείο μας Μεσιταγορά τηλ. 286403—244020

ΠΩΛΟΥΝΤΑΙ οικόπεδα από 300 έως 4000 τ.μ. εντός ζώνης στην περιοχή Άνω Αλικαρνασσού με θέα και νερό. Τηλ. 284153 —286071

(Π691) 1—15

ΠΩΛΕΙΤΑΙ Σέτερ 16 μηνών ξεκινημένο στο κυνήγι. Τιμή ευκαιρίας. Τηλ. 288337.

(Π751) 1—5

ΠΩΛΕΙΤΑΙ οικόπεδο 322 τ.μ. Άλλο κύριο και 1,2 συντελεστή με 13,60 μέτρο πρόσοψη σε αριστό όρμο στην Κρητεία από μέρος της πισίνας των εκατίδων. Πληροφ. τηλ. 241145.

(Π755) 1—5

ΠΩΛΕΙΤΑΙ BMW 1602 πρώτο χέρι αγγειοιωμένο μου και εις άριστη κατάσταση. Τηλ. 281183.

(Π756) 1—5

ΠΩΛΕΙΤΑΙ η επιχείρηση PUB CAFETERIA σε κεντρικό σημείο του Ηρακλείου λόγω επαγγελματος. Πληροφ. από 7 μ.μ. τηλ. 244183.

(Π736) 1—6

ΠΩΛΕΙΤΑΙ βέσπα BIANCO 50 CC σε άριστη κατάσταση σε καλή τιμή. Πληροφ. κ. Στέφο Μόμτ. Τηλ. 284909

(Π731) 1—4

ΠΩΛΕΙΤΑΙ αυτοκίνητο SIMCA 1000 CC με 62.000 χλμ. σε άριστη κατάσταση. Τηλέφ. 220068.

(Π661) 1—15

ΣΕ τιμή ευκαιρίας ΠΩΛΕΙΤΑΙ FORD 17 Μ, μοντέλο 1972. Πληροφ. στο τηλ. 236091.

(Π674) 1—3

ΠΟΛΛΑ ΖΩΑ

ΠΩΛΟΥΝΤΑΙ το κατάστημα ΚΟΝΙΝΟΥ ΔΑΜΙΡΟΥ Λ. Ιωνίας 120 Κατσάμπα στην Οδού τηλ. 234258. Θα βρείτε: ΣΚΥΛΙΑ: ΝΤΟ-ΜΠΕΡΜΑΝ —ΚΟΛΕΥΓΥ ΑΥΚΟΞΕΝΙΑ— ΚΑΝΙΣ —ΠΕΚΙΝΟΥΑ ΛΑΓΟΣΚΥΛΑ — ΠΟΥΛΟΣΚΥΛΑ Τα σημαντικά σκυλιά είναι ο γνωστής ποιότητας και μόνο από το ΠΕΤΙ ΓΚΡΙ της για σίφνες του νεκαυτογκόφου — ΠΟΥΛΙΑ: Θα βρείτε: ΠΕΡΔΙΚΕΣ— ΟΡΤΥΚΙΑ —ΠΕΡΙΣΤΕΡΙΑ ρατσας ΚΟΤΕΣ ΝΑΝΟΙ—ΚΟΥΝΕΛΙΑ Βελγική νεκαυτογκόφη. ΚΑΝΑΡΙΑ ε Σρητρικού. ΚΟΥΝΕΛΙΑ ΓΑΤΙΑ ΓΑΛΩΝ —ΜΑΙΝΕΣ —ΠΑΡΑΔΕΙΣΙΑ πουλιά —ΜΑΙΜΟΥΔΕΣ —ΧΑΜΣΤΕΡ και πουλιά. Επίσης, Μεγάλη ποικιλία χρυσόψαρα και άλλα διπλές —τρυπλιάς, ρενού τροφές για πουλιά. Σε ένας Τα τηλ. Ο. ΚΑΤΟΙΚΙΔΙΑ ΖΩΑ ΝΤΟΥ ΝΟΣ ΔΑΜΙΡΟΣ Λ. Ιωνίας 120 Κατσάμπα στην Οδού τηλ. 234258.

(Π635) 1—15

1. ΑΛΕΣΑΚΗΣ Ν. ΤΣΑΤΖΑΡΑΚΗΣ

Λ. 62 Μαρτύρων Αυτοκίνητα FORD COURIER 82, μοντ. Δύνεται όλες τις ευκολίες πληρωμής. FORD ESCORT, FORD FIESTA, SUZUKI SS 40 χρονολογία μαζί τους πιστοποιητικό. Μεταχειρισμένα: FIAT 125 μοντ. 77, ΦΟΡΤΗΓΑ DATSUN 1500 μοντ. 78, MAZDA 1600, HUNDAI φορτηγάκι μοντ. 80, DATSUN 1500 μοντ. 82, DATSUN 120 A μοντ. 78. Πωλούνται σαλονάκια SUZUKI.

Ν. ΛΟΓΟΘΕΤΗΣ

Λ. Δημοκρατίας 19 τηλ. 285680 ΠΩΛΟΥΝΤΑΙ ΑΥΤΟΚΙΝΗΤΑ FORD ΙΙΕSTA μοντ. 78, ΖΑ STAVA 1100 μοντ. 78, DATSUN 120 μοντ. 77, DATSUN 1000 A μοντ. 77, SEAT 124 DLS μοντ. 78, FIAT 124 DLS μοντ. 77, FIAT 127 μοντ. 77 και 79, FIAT 131 1300 μοντ. 78, OPEL CADET 1200 73 μοντ. FORD TAUNUS 1600 μοντ. 79, FORD ESCORT 1100 μοντ. 77, DACIA 1300 74 μοντ. ΤΣΙΠΛΕΙ ΒΕΡΛΙΝΕΤΑ 126 76 μοντ.

ΦΟΡΤΗΓΑ

V.W κλούβα φορτηγό 76 μοντ. FIAT 900T εμπορικό 77 μοντ. DATSUN 1500 φορτηγάκι 73 μοντ. DATSUN 1500 φορτηγό 78 μοντ. MAZDA 1600 μοντ. 78 μοντ. SIMCA VAN εμπορικό 74 μοντ.

ΜΕΣΙΤΙΚΟ ΓΡΑΦΕΙΟ Εμμ. Μηχ. Φιτσαδακιτάκης Έβανς 69 Ηράκλειο Τηλ. 286471—243538. 1) Οικόπεδο 285 τ.μ. εντός σχεδίου περιοχή Πόρου —πρόσοψη 15.50 μ. Αγ. Αντιώτισσας 1.400.000 δρχ. 2) Οικόπεδο 600 τ.μ. δίπλα στο Ξενοδοχείο ΓΑΛΗΝΗ Α κατοικία Λύνος του Μαριώτιας με άδεια οικοδομής. 3) Αγροτεμάχιο στην οδό Κρήτης 6 Στρεμμ. 3.600 δρχ το τ.μ. 4) 3ος όροφος στις 7 στρέμματα με τιμή 150 δρχ το τ.μ. στο Μάλια. 5) 360 χιλιόμετρα 20 χρονών ιδιοκτησίες Αγίας Ιωάννης και από το Παγκόσμιο σε τιμή πλησίον μέρα της Αγροτικής Τράπεζας. 6) Στον Άγιο Μηνά 190 τ.μ. λιανικά σε κεντρικό χώρο. 7) Απέναντι από το Γυμνάσιο της Θερίσσου κάλλιστο οικόπεδο 320 μ. τιμή ευκαιρίας. 8) Στην τελευταία θέση του Βρυσ. 160 τ.μ. βία διαμερίσματα για γραφεία στη πόλη πλησίον της πλατείας. Τηλ. 286471—243538
ΝΕΟ SUBARU 600 REX
ΠΡΩΤΟ ΣΤΗΝ ΚΑΤΗΓΟΡΙΑ ΤΟΥ
● ΟΛΟΙ Πρέπει να αποκτήσετε το Νέο SUBARU 600 διότι σας συμφέρει.
● ΕΧΕΙ Φοβερή τιμή τοις μετρητοίς όχι δρχ. 412.000 (είναι δραχμές).
● ΕΧΕΙ μεγάλη άνεση χώρου και πολυτέλεια (5 πόρτες, το πίσω καθισματα πτυσσόμενα στο μισό ή γίνεται STASION).
● ΕΧΕΙ μπροστά μηχανή και κίνηση.
● ΕΧΕΙ ανεξάρτητη ανάρτηση και στους τέσσερις τροχούς, δισκόφρενα, σέρβοφρενο, 12άρες ζάντες RADIAL λάστιχα.
● ΕΧΕΙ Ραδιόφωνο, καλοριφέρ, θερμαινόμενο πίσω τζάμι.
● ΕΧΕΙ λίγα τέλη κυκλοφορίας, και καμμιά έξοδα συντήρησης.
● ΕΧΕΙ όλα όσα βάζει πλεονεκτήματα που θα βρείτε σε Ιαπωνικά αυτοκίνητα.
ΝΕΟ SUBARU 600 με την ευλογία της Ιαπωνικής Τεχνολογίας.
ΑΝΤΙΠΡΟΣΩΠΟΙ ΑΝΑΤ. ΚΡΗΤΗΣ
ΑΛΕΞ ΦΛΟΥΡΗΣ — ΒΑΣ. ΣΤΑΜΑΤΑΚΗΣ Ο.Ε.
Λεωφ. 62 Μαρτύρων 134 ΗΡΑΚΛΕΙΟΝ — Τηλ. 284584
